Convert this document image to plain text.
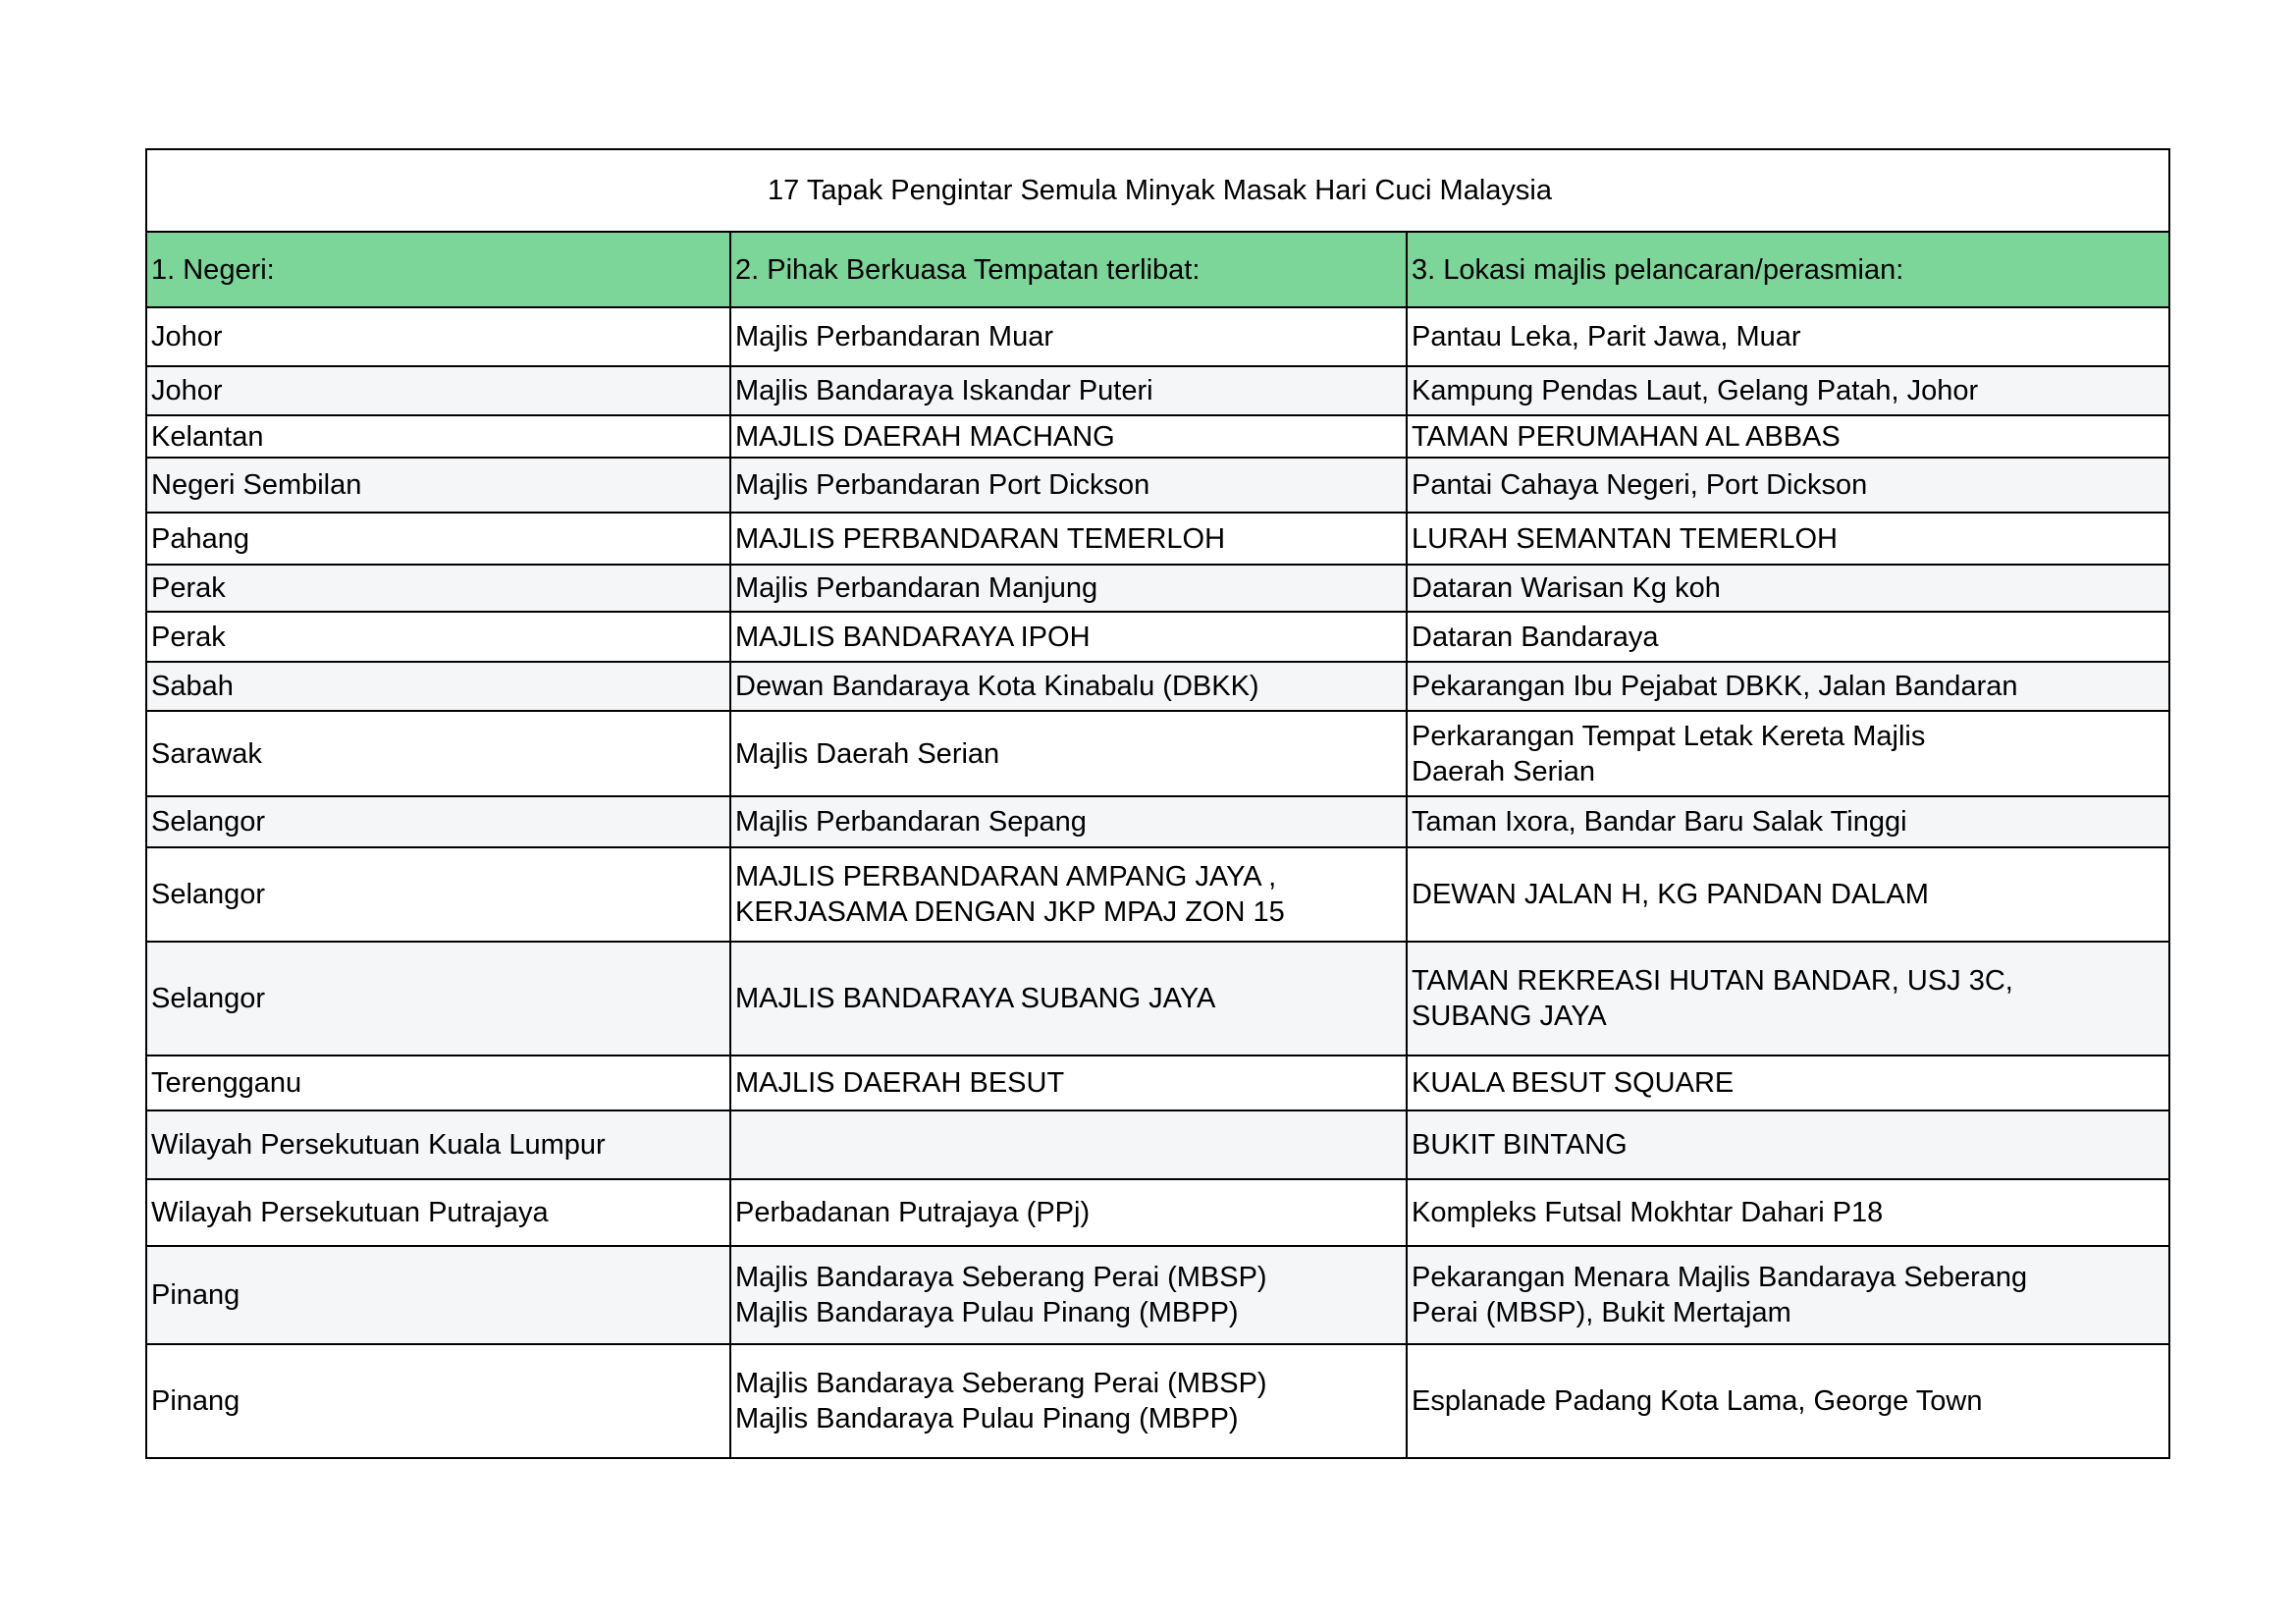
17 Tapak Pengintar Semula Minyak Masak Hari Cuci Malaysia		
1. Negeri:	2. Pihak Berkuasa Tempatan terlibat:	3. Lokasi majlis pelancaran/perasmian:
Johor	Majlis Perbandaran Muar	Pantau Leka, Parit Jawa, Muar
Johor	Majlis Bandaraya Iskandar Puteri	Kampung Pendas Laut, Gelang Patah, Johor
Kelantan	MAJLIS DAERAH MACHANG	TAMAN PERUMAHAN AL ABBAS
Negeri Sembilan	Majlis Perbandaran Port Dickson	Pantai Cahaya Negeri, Port Dickson
Pahang	MAJLIS PERBANDARAN TEMERLOH	LURAH SEMANTAN TEMERLOH
Perak	Majlis Perbandaran Manjung	Dataran Warisan Kg koh
Perak	MAJLIS BANDARAYA IPOH	Dataran Bandaraya
Sabah	Dewan Bandaraya Kota Kinabalu (DBKK)	Pekarangan Ibu Pejabat DBKK, Jalan Bandaran
Sarawak	Majlis Daerah Serian	Perkarangan Tempat Letak Kereta Majlis
Daerah Serian
Selangor	Majlis Perbandaran Sepang	Taman Ixora, Bandar Baru Salak Tinggi
Selangor	MAJLIS PERBANDARAN AMPANG JAYA ,
KERJASAMA DENGAN JKP MPAJ ZON 15	DEWAN JALAN H, KG PANDAN DALAM
Selangor	MAJLIS BANDARAYA SUBANG JAYA	TAMAN REKREASI HUTAN BANDAR, USJ 3C,
SUBANG JAYA
Terengganu	MAJLIS DAERAH BESUT	KUALA BESUT SQUARE
Wilayah Persekutuan Kuala Lumpur		BUKIT BINTANG
Wilayah Persekutuan Putrajaya	Perbadanan Putrajaya (PPj)	Kompleks Futsal Mokhtar Dahari P18
Pinang	Majlis Bandaraya Seberang Perai (MBSP)
Majlis Bandaraya Pulau Pinang (MBPP)	Pekarangan Menara Majlis Bandaraya Seberang
Perai (MBSP), Bukit Mertajam
Pinang	Majlis Bandaraya Seberang Perai (MBSP)
Majlis Bandaraya Pulau Pinang (MBPP)	Esplanade Padang Kota Lama, George Town
